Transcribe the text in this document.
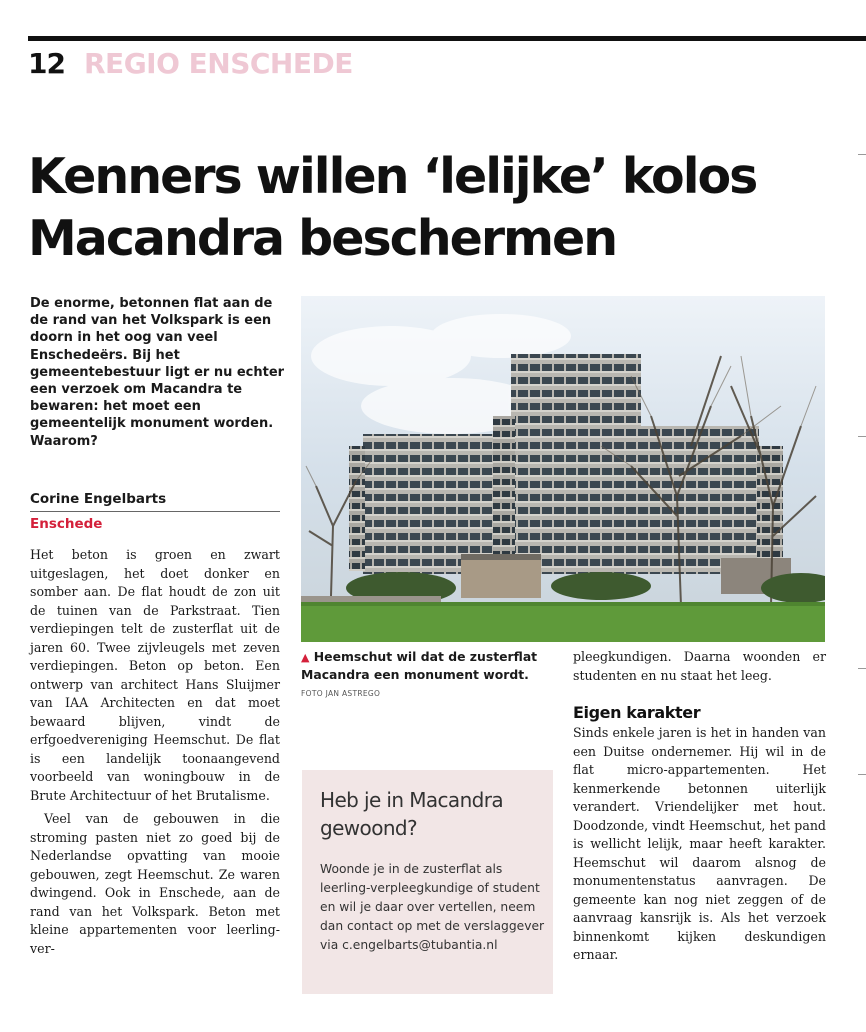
12 REGIO ENSCHEDE
Kenners willen ‘lelijke’ kolos
Macandra beschermen

De enorme, betonnen flat aan de de rand van het Volkspark is een doorn in het oog van veel Enschedeërs. Bij het gemeentebestuur ligt er nu echter een verzoek om Macandra te bewaren: het moet een gemeentelijk monument worden. Waarom?

Corine Engelbarts
Enschede

Het beton is groen en zwart uitgeslagen, het doet donker en somber aan. De flat houdt de zon uit de tuinen van de Parkstraat. Tien verdiepingen telt de zusterflat uit de jaren 60. Twee zijvleugels met zeven verdiepingen. Beton op beton. Een ontwerp van architect Hans Sluijmer van IAA Architecten en dat moet bewaard blijven, vindt de erfgoedvereniging Heemschut. De flat is een landelijk toonaangevend voorbeeld van woningbouw in de Brute Architectuur of het Brutalisme.

Veel van de gebouwen in die stroming pasten niet zo goed bij de Nederlandse opvatting van mooie gebouwen, zegt Heemschut. Ze waren dwingend. Ook in Enschede, aan de rand van het Volkspark. Beton met kleine appartementen voor leerling-ver-

▲ Heemschut wil dat de zusterflat Macandra een monument wordt. FOTO JAN ASTREGO
Heb je in Macandra gewoond?
Woonde je in de zusterflat als leerling-verpleegkundige of student en wil je daar over vertellen, neem dan contact op met de verslaggever via c.engelbarts@tubantia.nl

pleegkundigen. Daarna woonden er studenten en nu staat het leeg.

Eigen karakter

Sinds enkele jaren is het in handen van een Duitse ondernemer. Hij wil in de flat micro-appartementen. Het kenmerkende betonnen uiterlijk verandert. Vriendelijker met hout. Doodzonde, vindt Heemschut, het pand is wellicht lelijk, maar heeft karakter. Heemschut wil daarom alsnog de monumentenstatus aanvragen. De gemeente kan nog niet zeggen of de aanvraag kansrijk is. Als het verzoek binnenkomt kijken deskundigen ernaar.
